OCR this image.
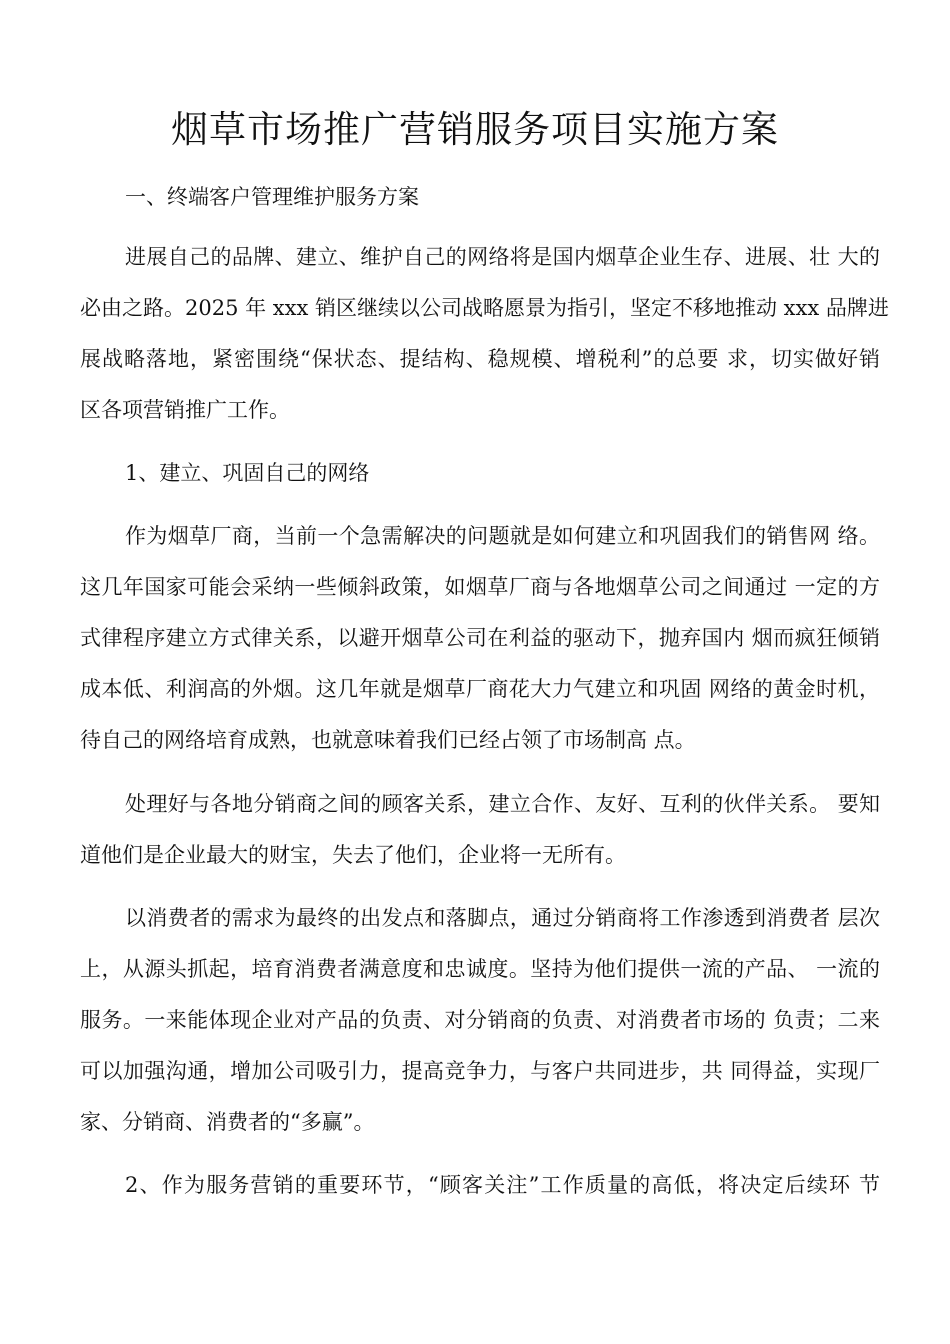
烟草市场推广营销服务项目实施方案
一、终端客户管理维护服务方案
进展自己的品牌、建立、维护自己的网络将是国内烟草企业生存、进展、壮 大的
必由之路。2025 年 xxx 销区继续以公司战略愿景为指引，坚定不移地推动 xxx 品牌进
展战略落地，紧密围绕“保状态、提结构、稳规模、增税利”的总要 求，切实做好销
区各项营销推广工作。
1、建立、巩固自己的网络
作为烟草厂商，当前一个急需解决的问题就是如何建立和巩固我们的销售网 络。
这几年国家可能会采纳一些倾斜政策，如烟草厂商与各地烟草公司之间通过 一定的方
式律程序建立方式律关系，以避开烟草公司在利益的驱动下，抛弃国内 烟而疯狂倾销
成本低、利润高的外烟。这几年就是烟草厂商花大力气建立和巩固 网络的黄金时机，
待自己的网络培育成熟，也就意味着我们已经占领了市场制高 点。
处理好与各地分销商之间的顾客关系，建立合作、友好、互利的伙伴关系。 要知
道他们是企业最大的财宝，失去了他们，企业将一无所有。
以消费者的需求为最终的出发点和落脚点，通过分销商将工作渗透到消费者 层次
上，从源头抓起，培育消费者满意度和忠诚度。坚持为他们提供一流的产品、 一流的
服务。一来能体现企业对产品的负责、对分销商的负责、对消费者市场的 负责；二来
可以加强沟通，增加公司吸引力，提高竞争力，与客户共同进步，共 同得益，实现厂
家、分销商、消费者的“多赢”。
2、作为服务营销的重要环节，“顾客关注”工作质量的高低，将决定后续环 节
